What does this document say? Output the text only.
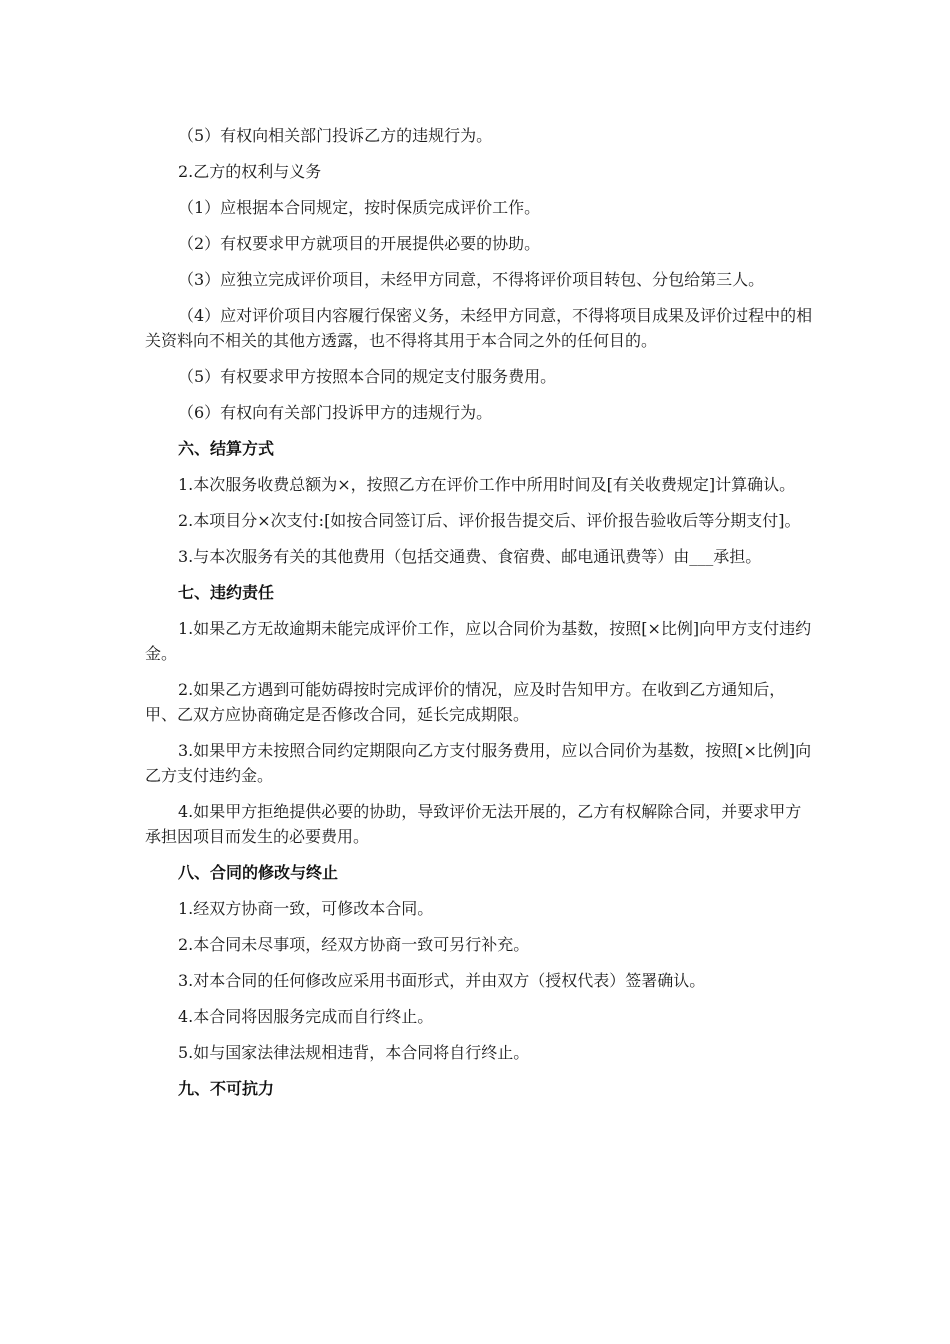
（5）有权向相关部门投诉乙方的违规行为。

2.乙方的权利与义务

（1）应根据本合同规定，按时保质完成评价工作。

（2）有权要求甲方就项目的开展提供必要的协助。

（3）应独立完成评价项目，未经甲方同意，不得将评价项目转包、分包给第三人。

（4）应对评价项目内容履行保密义务，未经甲方同意，不得将项目成果及评价过程中的相关资料向不相关的其他方透露，也不得将其用于本合同之外的任何目的。

（5）有权要求甲方按照本合同的规定支付服务费用。

（6）有权向有关部门投诉甲方的违规行为。

六、结算方式

1.本次服务收费总额为×，按照乙方在评价工作中所用时间及[有关收费规定]计算确认。

2.本项目分×次支付:[如按合同签订后、评价报告提交后、评价报告验收后等分期支付]。

3.与本次服务有关的其他费用（包括交通费、食宿费、邮电通讯费等）由___承担。

七、违约责任

1.如果乙方无故逾期未能完成评价工作，应以合同价为基数，按照[×比例]向甲方支付违约金。

2.如果乙方遇到可能妨碍按时完成评价的情况，应及时告知甲方。在收到乙方通知后，甲、乙双方应协商确定是否修改合同，延长完成期限。

3.如果甲方未按照合同约定期限向乙方支付服务费用，应以合同价为基数，按照[×比例]向乙方支付违约金。

4.如果甲方拒绝提供必要的协助，导致评价无法开展的，乙方有权解除合同，并要求甲方承担因项目而发生的必要费用。

八、合同的修改与终止

1.经双方协商一致，可修改本合同。

2.本合同未尽事项，经双方协商一致可另行补充。

3.对本合同的任何修改应采用书面形式，并由双方（授权代表）签署确认。

4.本合同将因服务完成而自行终止。

5.如与国家法律法规相违背，本合同将自行终止。

九、不可抗力
